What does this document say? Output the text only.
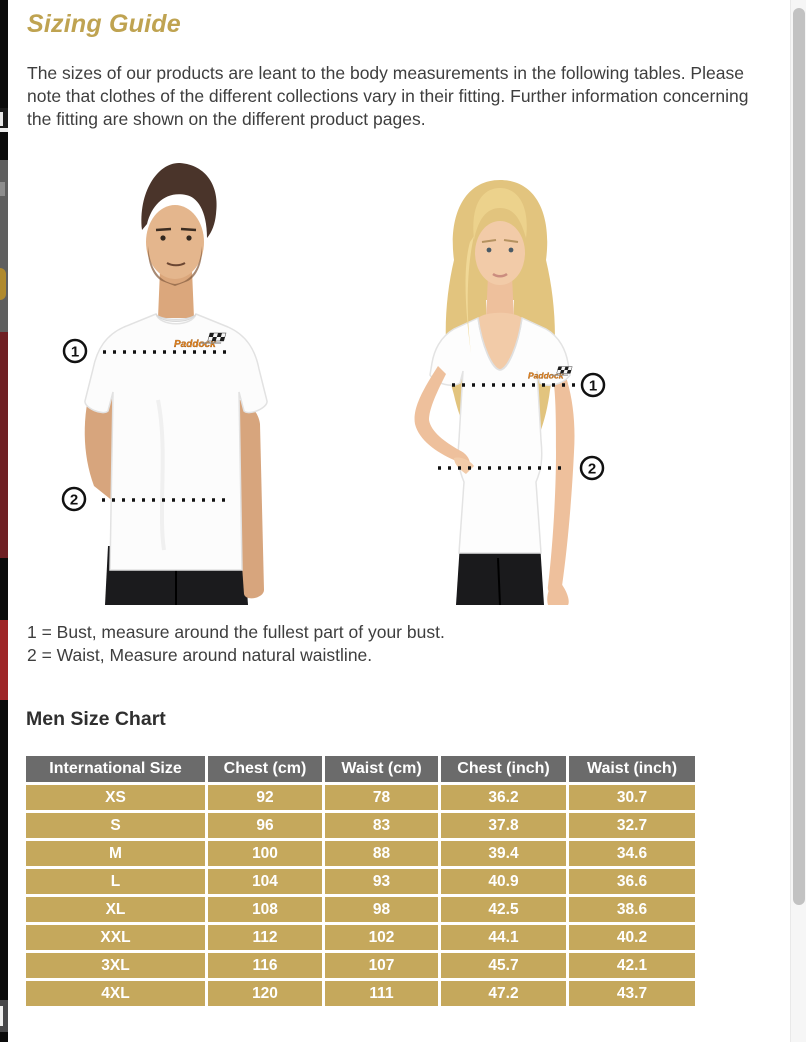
Sizing Guide

The sizes of our products are leant to the body measurements in the following tables. Please note that clothes of the different collections vary in their fitting. Further information concerning the fitting are shown on the different product pages.

Paddock
1
2
1
2
1 = Bust, measure around the fullest part of your bust.
2 = Waist, Measure around natural waistline.
Men Size Chart
International Size	Chest (cm)	Waist (cm)	Chest (inch)	Waist (inch)
XS	92	78	36.2	30.7
S	96	83	37.8	32.7
M	100	88	39.4	34.6
L	104	93	40.9	36.6
XL	108	98	42.5	38.6
XXL	112	102	44.1	40.2
3XL	116	107	45.7	42.1
4XL	120	111	47.2	43.7
